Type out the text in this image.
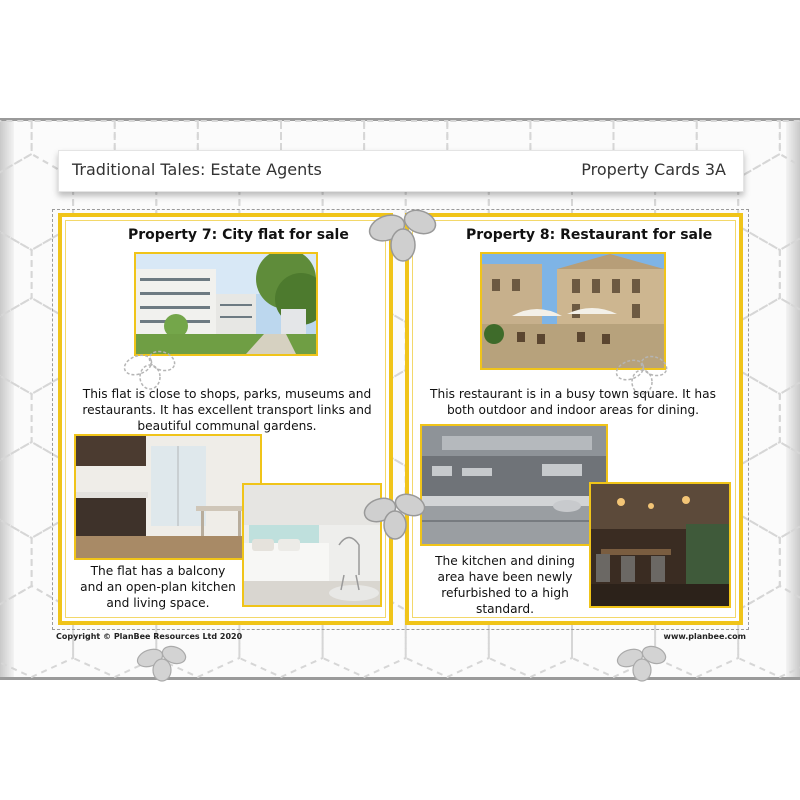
Traditional Tales: Estate Agents	Property Cards 3A
Property 7: City flat for sale
This flat is close to shops, parks, museums and restaurants. It has excellent transport links and beautiful communal gardens.
The flat has a balcony and an open-plan kitchen and living space.
Property 8: Restaurant for sale
This restaurant is in a busy town square. It has both outdoor and indoor areas for dining.
The kitchen and dining area have been newly refurbished to a high standard.
Copyright © PlanBee Resources Ltd 2020	www.planbee.com
